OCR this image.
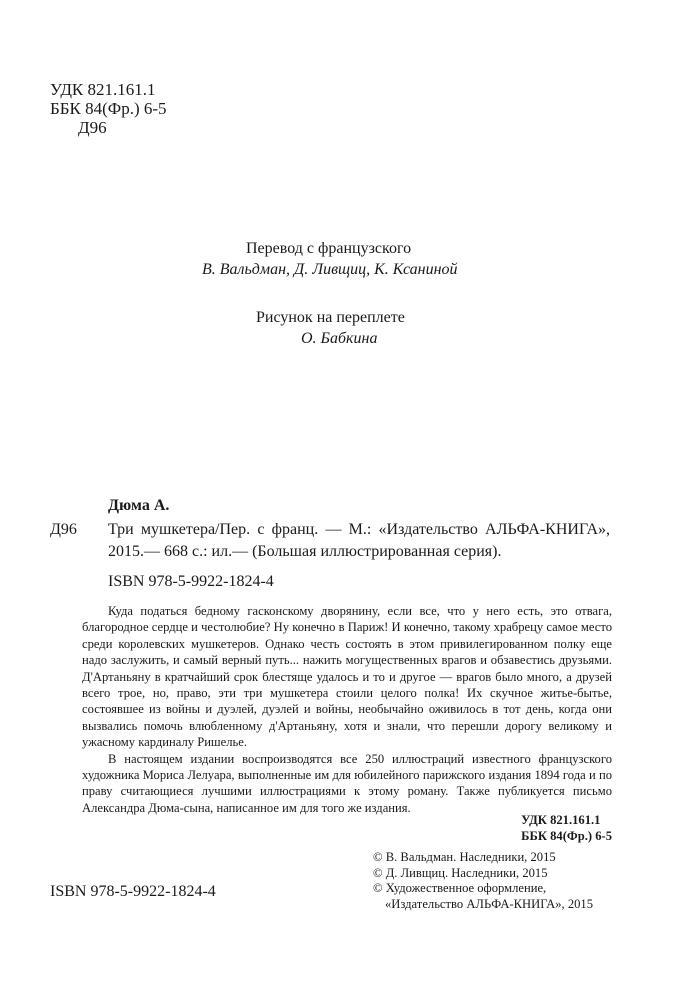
УДК 821.161.1
ББК 84(Фр.) 6-5
Д96
Перевод с французского
В. Вальдман, Д. Ливщиц, К. Ксаниной
Рисунок на переплете
О. Бабкина
Дюма А.
Д96 Три мушкетера/Пер. с франц. — М.: «Издательство АЛЬФА-КНИГА»,
2015.— 668 с.: ил.— (Большая иллюстрированная серия).
ISBN 978-5-9922-1824-4

Куда податься бедному гасконскому дворянину, если все, что у него есть, это отвага, благородное сердце и честолюбие? Ну конечно в Париж! И конечно, такому храбрецу самое место среди королевских мушкетеров. Однако честь состоять в этом привилегированном полку еще надо заслужить, и самый верный путь... нажить могущественных врагов и обзавестись друзьями. Д'Артаньяну в кратчайший срок блестяще удалось и то и другое — врагов было много, а друзей всего трое, но, право, эти три мушкетера стоили целого полка! Их скучное житье-бытье, состоявшее из войны и дуэлей, дуэлей и войны, необычайно оживилось в тот день, когда они вызвались помочь влюбленному д'Артаньяну, хотя и знали, что перешли дорогу великому и ужасному кардиналу Ришелье.

В настоящем издании воспроизводятся все 250 иллюстраций известного французского художника Мориса Лелуара, выполненные им для юбилейного парижского издания 1894 года и по праву считающиеся лучшими иллюстрациями к этому роману. Также публикуется письмо Александра Дюма-сына, написанное им для того же издания.

УДК 821.161.1
ББК 84(Фр.) 6-5
© В. Вальдман. Наследники, 2015
© Д. Ливщиц. Наследники, 2015
© Художественное оформление,
«Издательство АЛЬФА-КНИГА», 2015
ISBN 978-5-9922-1824-4
